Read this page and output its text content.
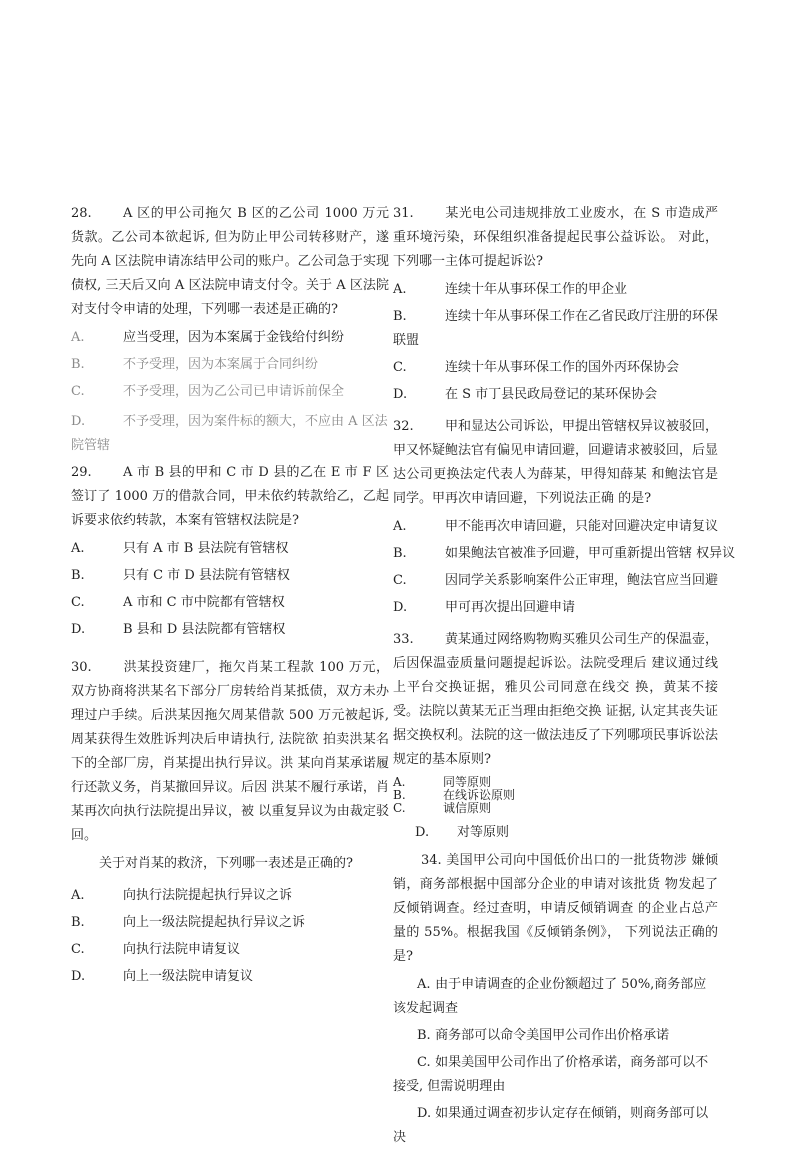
28. A 区的甲公司拖欠 B 区的乙公司 1000 万元货款。乙公司本欲起诉, 但为防止甲公司转移财产，遂先向 A 区法院申请冻结甲公司的账户。乙公司急于实现债权, 三天后又向 A 区法院申请支付令。关于 A 区法院对支付令申请的处理，下列哪一表述是正确的?

A.	应当受理，因为本案属于金钱给付纠纷
B.	不予受理，因为本案属于合同纠纷
C.	不予受理，因为乙公司已申请诉前保全
D.	不予受理，因为案件标的额大，不应由 A 区法院管辖

29. A 市 B 县的甲和 C 市 D 县的乙在 E 市 F 区签订了 1000 万的借款合同，甲未依约转款给乙，乙起诉要求依约转款，本案有管辖权法院是?

A.	只有 A 市 B 县法院有管辖权
B.	只有 C 市 D 县法院有管辖权
C.	A 市和 C 市中院都有管辖权
D.	B 县和 D 县法院都有管辖权

30. 洪某投资建厂，拖欠肖某工程款 100 万元，双方协商将洪某名下部分厂房转给肖某抵债，双方未办理过户手续。后洪某因拖欠周某借款 500 万元被起诉, 周某获得生效胜诉判决后申请执行, 法院欲 拍卖洪某名下的全部厂房，肖某提出执行异议。洪 某向肖某承诺履行还款义务，肖某撤回异议。后因 洪某不履行承诺，肖某再次向执行法院提出异议，被 以重复异议为由裁定驳回。

关于对肖某的救济，下列哪一表述是正确的?

A.	向执行法院提起执行异议之诉
B.	向上一级法院提起执行异议之诉
C.	向执行法院申请复议
D.	向上一级法院申请复议

31. 某光电公司违规排放工业废水，在 S 市造成严重环境污染，环保组织准备提起民事公益诉讼。 对此，下列哪一主体可提起诉讼?

A.	连续十年从事环保工作的甲企业
B.	连续十年从事环保工作在乙省民政厅注册的环保联盟
C.	连续十年从事环保工作的国外丙环保协会
D.	在 S 市丁县民政局登记的某环保协会

32. 甲和显达公司诉讼，甲提出管辖权异议被驳回，甲又怀疑鲍法官有偏见申请回避，回避请求被驳回，后显达公司更换法定代表人为薛某，甲得知薛某 和鲍法官是同学。甲再次申请回避，下列说法正确 的是?

A.	甲不能再次申请回避，只能对回避决定申请复议
B.	如果鲍法官被准予回避，甲可重新提出管辖 权异议
C.	因同学关系影响案件公正审理，鲍法官应当回避
D.	甲可再次提出回避申请

33. 黄某通过网络购物购买雅贝公司生产的保温壶，后因保温壶质量问题提起诉讼。法院受理后 建议通过线上平台交换证据，雅贝公司同意在线交 换，黄某不接受。法院以黄某无正当理由拒绝交换 证据, 认定其丧失证据交换权利。法院的这一做法违反了下列哪项民事诉讼法规定的基本原则?

A.	同等原则
B.	在线诉讼原则
C.	诚信原则
D. 对等原则

34. 美国甲公司向中国低价出口的一批货物涉 嫌倾销，商务部根据中国部分企业的申请对该批货 物发起了反倾销调查。经过查明，申请反倾销调查 的企业占总产量的 55%。根据我国《反倾销条例》， 下列说法正确的是?

A. 由于申请调查的企业份额超过了 50%,商务部应该发起调查
B. 商务部可以命令美国甲公司作出价格承诺
C. 如果美国甲公司作出了价格承诺，商务部可以不接受, 但需说明理由
D. 如果通过调查初步认定存在倾销，则商务部可以决
